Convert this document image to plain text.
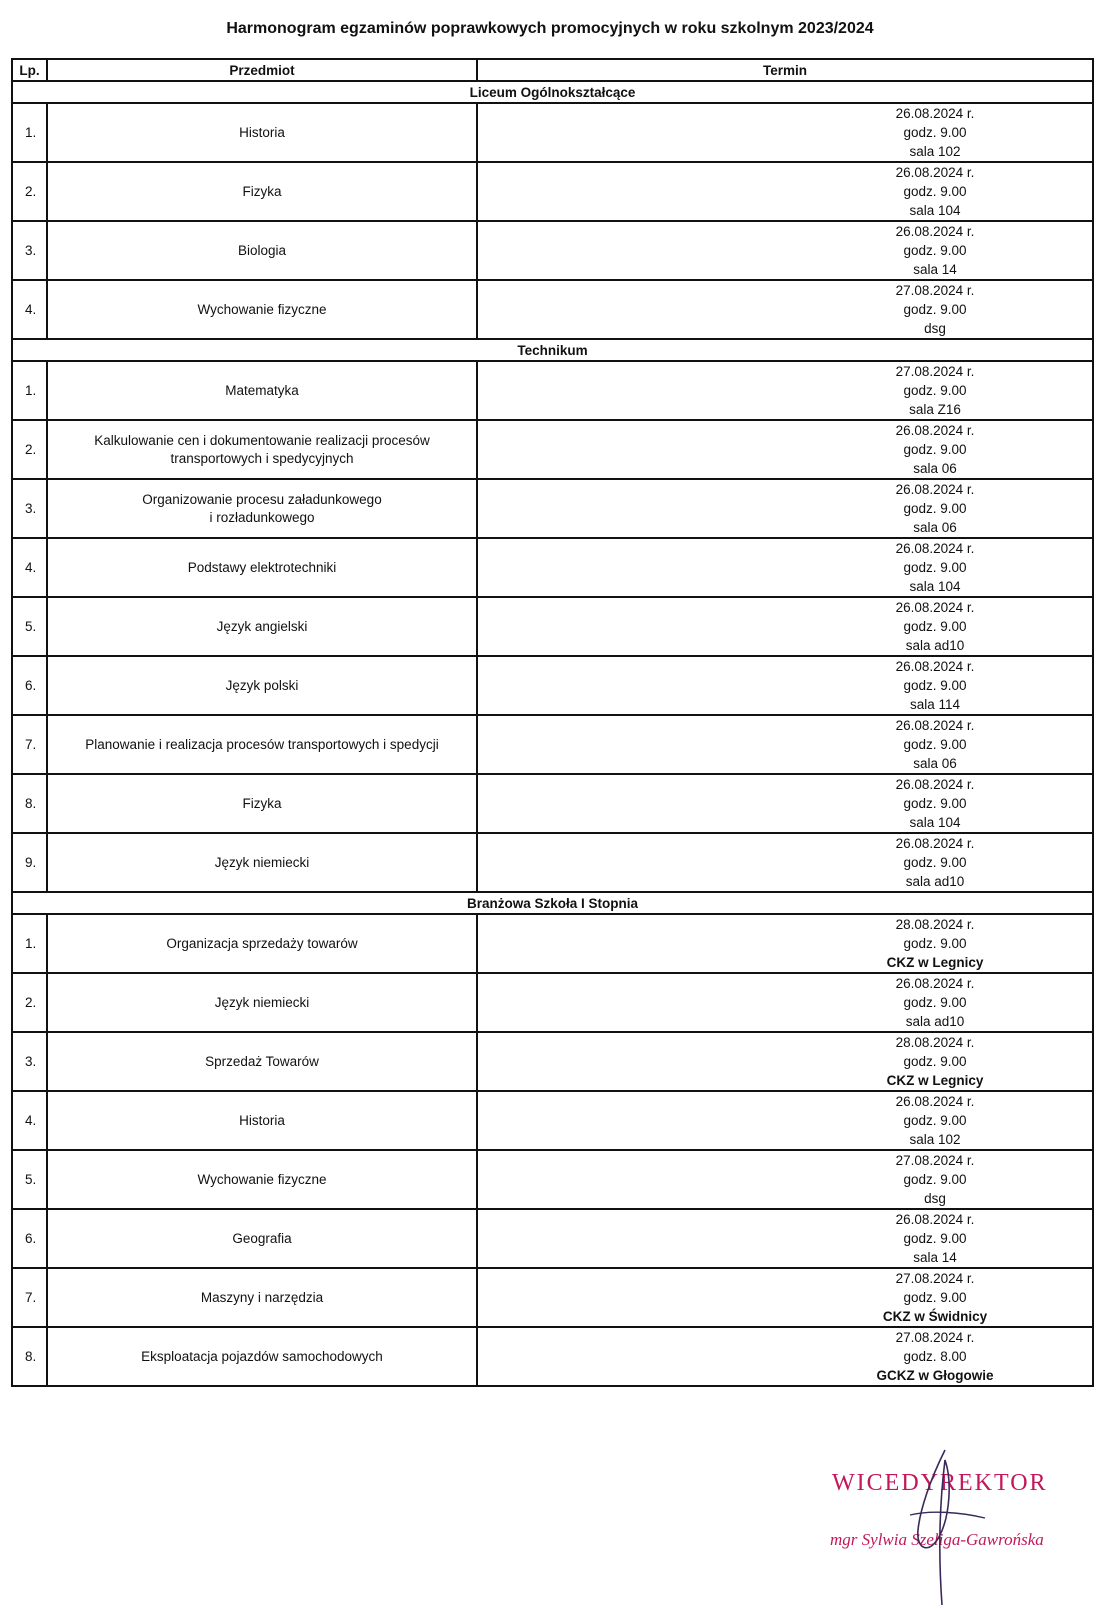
Harmonogram egzaminów poprawkowych promocyjnych w roku szkolnym 2023/2024
Lp.	Przedmiot	Termin
Liceum Ogólnokształcące		
1.	Historia	26.08.2024 r.
godz. 9.00
sala 102

2.	Fizyka	26.08.2024 r.
godz. 9.00
sala 104

3.	Biologia	26.08.2024 r.
godz. 9.00
sala 14

4.	Wychowanie fizyczne	27.08.2024 r.
godz. 9.00
dsg

Technikum		
1.	Matematyka	27.08.2024 r.
godz. 9.00
sala Z16

2.	Kalkulowanie cen i dokumentowanie realizacji procesów
transportowych i spedycyjnych	26.08.2024 r.
godz. 9.00
sala 06

3.	Organizowanie procesu załadunkowego
i rozładunkowego	26.08.2024 r.
godz. 9.00
sala 06

4.	Podstawy elektrotechniki	26.08.2024 r.
godz. 9.00
sala 104

5.	Język angielski	26.08.2024 r.
godz. 9.00
sala ad10

6.	Język polski	26.08.2024 r.
godz. 9.00
sala 114

7.	Planowanie i realizacja procesów transportowych i spedycji	26.08.2024 r.
godz. 9.00
sala 06

8.	Fizyka	26.08.2024 r.
godz. 9.00
sala 104

9.	Język niemiecki	26.08.2024 r.
godz. 9.00
sala ad10

Branżowa Szkoła I Stopnia		
1.	Organizacja sprzedaży towarów	28.08.2024 r.
godz. 9.00
CKZ w Legnicy

2.	Język niemiecki	26.08.2024 r.
godz. 9.00
sala ad10

3.	Sprzedaż Towarów	28.08.2024 r.
godz. 9.00
CKZ w Legnicy

4.	Historia	26.08.2024 r.
godz. 9.00
sala 102

5.	Wychowanie fizyczne	27.08.2024 r.
godz. 9.00
dsg

6.	Geografia	26.08.2024 r.
godz. 9.00
sala 14

7.	Maszyny i narzędzia	27.08.2024 r.
godz. 9.00
CKZ w Świdnicy

8.	Eksploatacja pojazdów samochodowych	27.08.2024 r.
godz. 8.00
GCKZ w Głogowie
WICEDYREKTOR
mgr Sylwia Szeliga-Gawrońska
